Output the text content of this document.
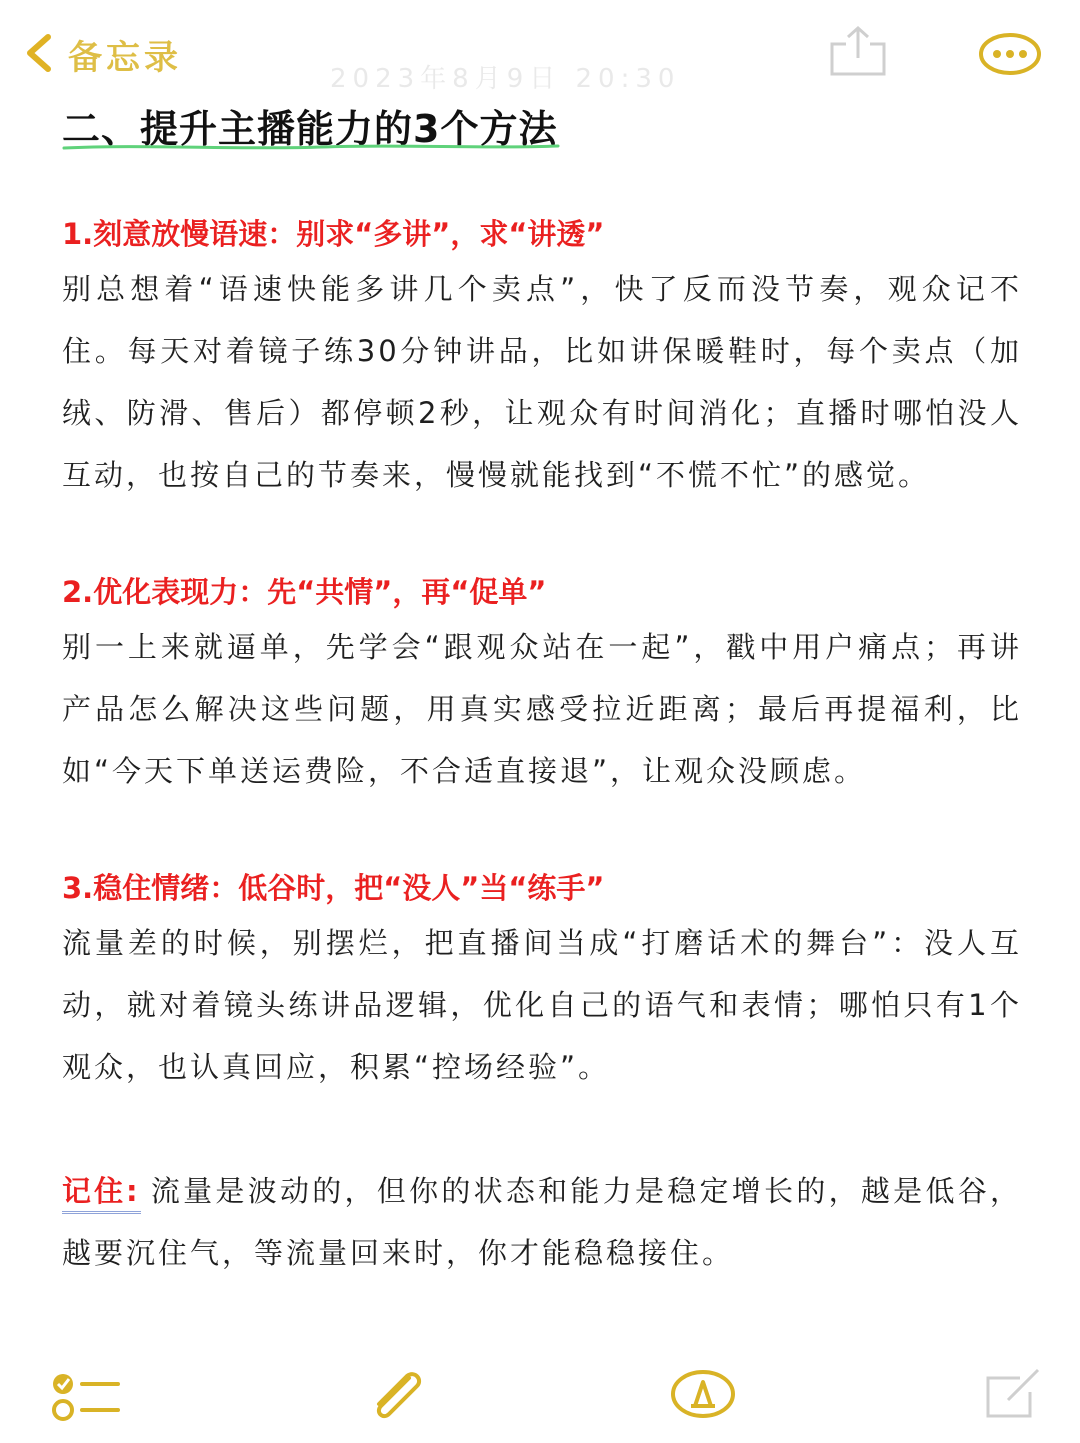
备忘录
2023年8月9日 20:30
二、提升主播能力的3个方法

1.刻意放慢语速：别求“多讲”，求“讲透”

别总想着“语速快能多讲几个卖点”，快了反而没节奏，观众记不住。每天对着镜子练30分钟讲品，比如讲保暖鞋时，每个卖点（加绒、防滑、售后）都停顿2秒，让观众有时间消化；直播时哪怕没人互动，也按自己的节奏来，慢慢就能找到“不慌不忙”的感觉。

2.优化表现力：先“共情”，再“促单”

别一上来就逼单，先学会“跟观众站在一起”，戳中用户痛点；再讲产品怎么解决这些问题，用真实感受拉近距离；最后再提福利，比如“今天下单送运费险，不合适直接退”，让观众没顾虑。

3.稳住情绪：低谷时，把“没人”当“练手”

流量差的时候，别摆烂，把直播间当成“打磨话术的舞台”：没人互动，就对着镜头练讲品逻辑，优化自己的语气和表情；哪怕只有1个观众，也认真回应，积累“控场经验”。

记住: 流量是波动的，但你的状态和能力是稳定增长的，越是低谷，越要沉住气，等流量回来时，你才能稳稳接住。
